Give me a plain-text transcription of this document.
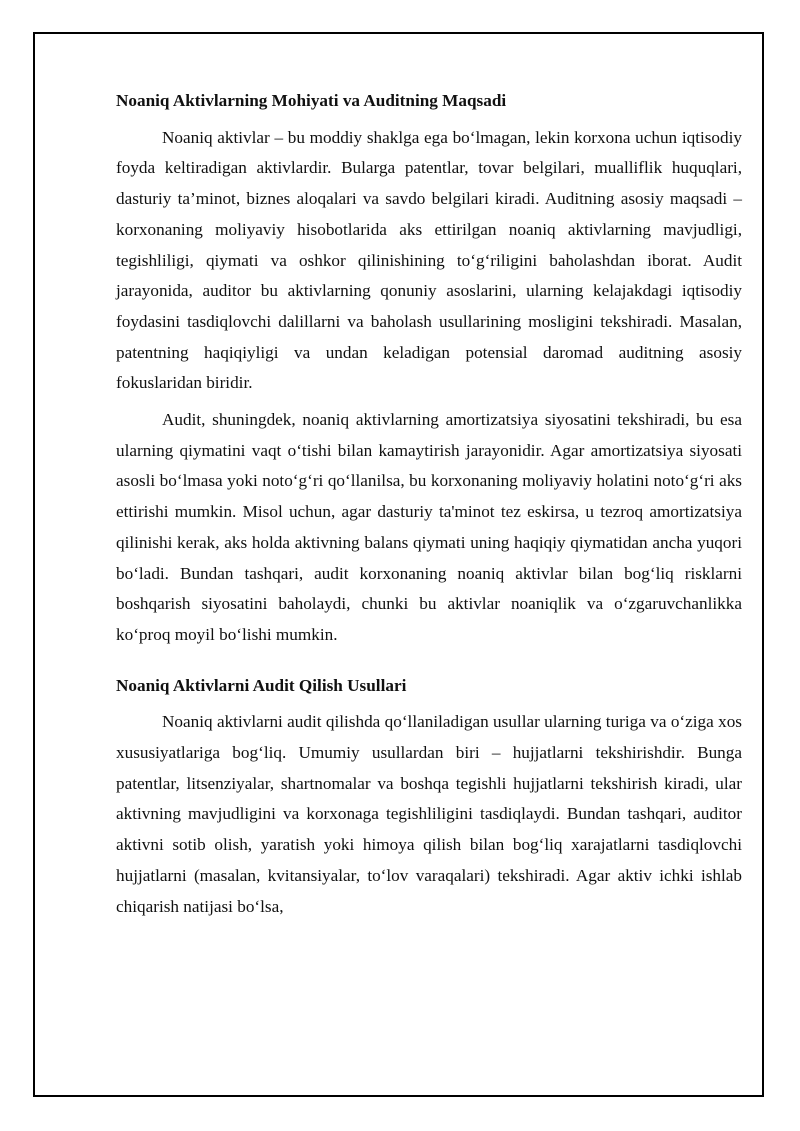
Noaniq Aktivlarning Mohiyati va Auditning Maqsadi

Noaniq aktivlar – bu moddiy shaklga ega bo‘lmagan, lekin korxona uchun iqtisodiy foyda keltiradigan aktivlardir. Bularga patentlar, tovar belgilari, mualliflik huquqlari, dasturiy ta’minot, biznes aloqalari va savdo belgilari kiradi. Auditning asosiy maqsadi – korxonaning moliyaviy hisobotlarida aks ettirilgan noaniq aktivlarning mavjudligi, tegishliligi, qiymati va oshkor qilinishining to‘g‘riligini baholashdan iborat. Audit jarayonida, auditor bu aktivlarning qonuniy asoslarini, ularning kelajakdagi iqtisodiy foydasini tasdiqlovchi dalillarni va baholash usullarining mosligini tekshiradi. Masalan, patentning haqiqiyligi va undan keladigan potensial daromad auditning asosiy fokuslaridan biridir.

Audit, shuningdek, noaniq aktivlarning amortizatsiya siyosatini tekshiradi, bu esa ularning qiymatini vaqt o‘tishi bilan kamaytirish jarayonidir. Agar amortizatsiya siyosati asosli bo‘lmasa yoki noto‘g‘ri qo‘llanilsa, bu korxonaning moliyaviy holatini noto‘g‘ri aks ettirishi mumkin. Misol uchun, agar dasturiy ta'minot tez eskirsa, u tezroq amortizatsiya qilinishi kerak, aks holda aktivning balans qiymati uning haqiqiy qiymatidan ancha yuqori bo‘ladi. Bundan tashqari, audit korxonaning noaniq aktivlar bilan bog‘liq risklarni boshqarish siyosatini baholaydi, chunki bu aktivlar noaniqlik va o‘zgaruvchanlikka ko‘proq moyil bo‘lishi mumkin.

Noaniq Aktivlarni Audit Qilish Usullari

Noaniq aktivlarni audit qilishda qo‘llaniladigan usullar ularning turiga va o‘ziga xos xususiyatlariga bog‘liq. Umumiy usullardan biri – hujjatlarni tekshirishdir. Bunga patentlar, litsenziyalar, shartnomalar va boshqa tegishli hujjatlarni tekshirish kiradi, ular aktivning mavjudligini va korxonaga tegishliligini tasdiqlaydi. Bundan tashqari, auditor aktivni sotib olish, yaratish yoki himoya qilish bilan bog‘liq xarajatlarni tasdiqlovchi hujjatlarni (masalan, kvitansiyalar, to‘lov varaqalari) tekshiradi. Agar aktiv ichki ishlab chiqarish natijasi bo‘lsa,
